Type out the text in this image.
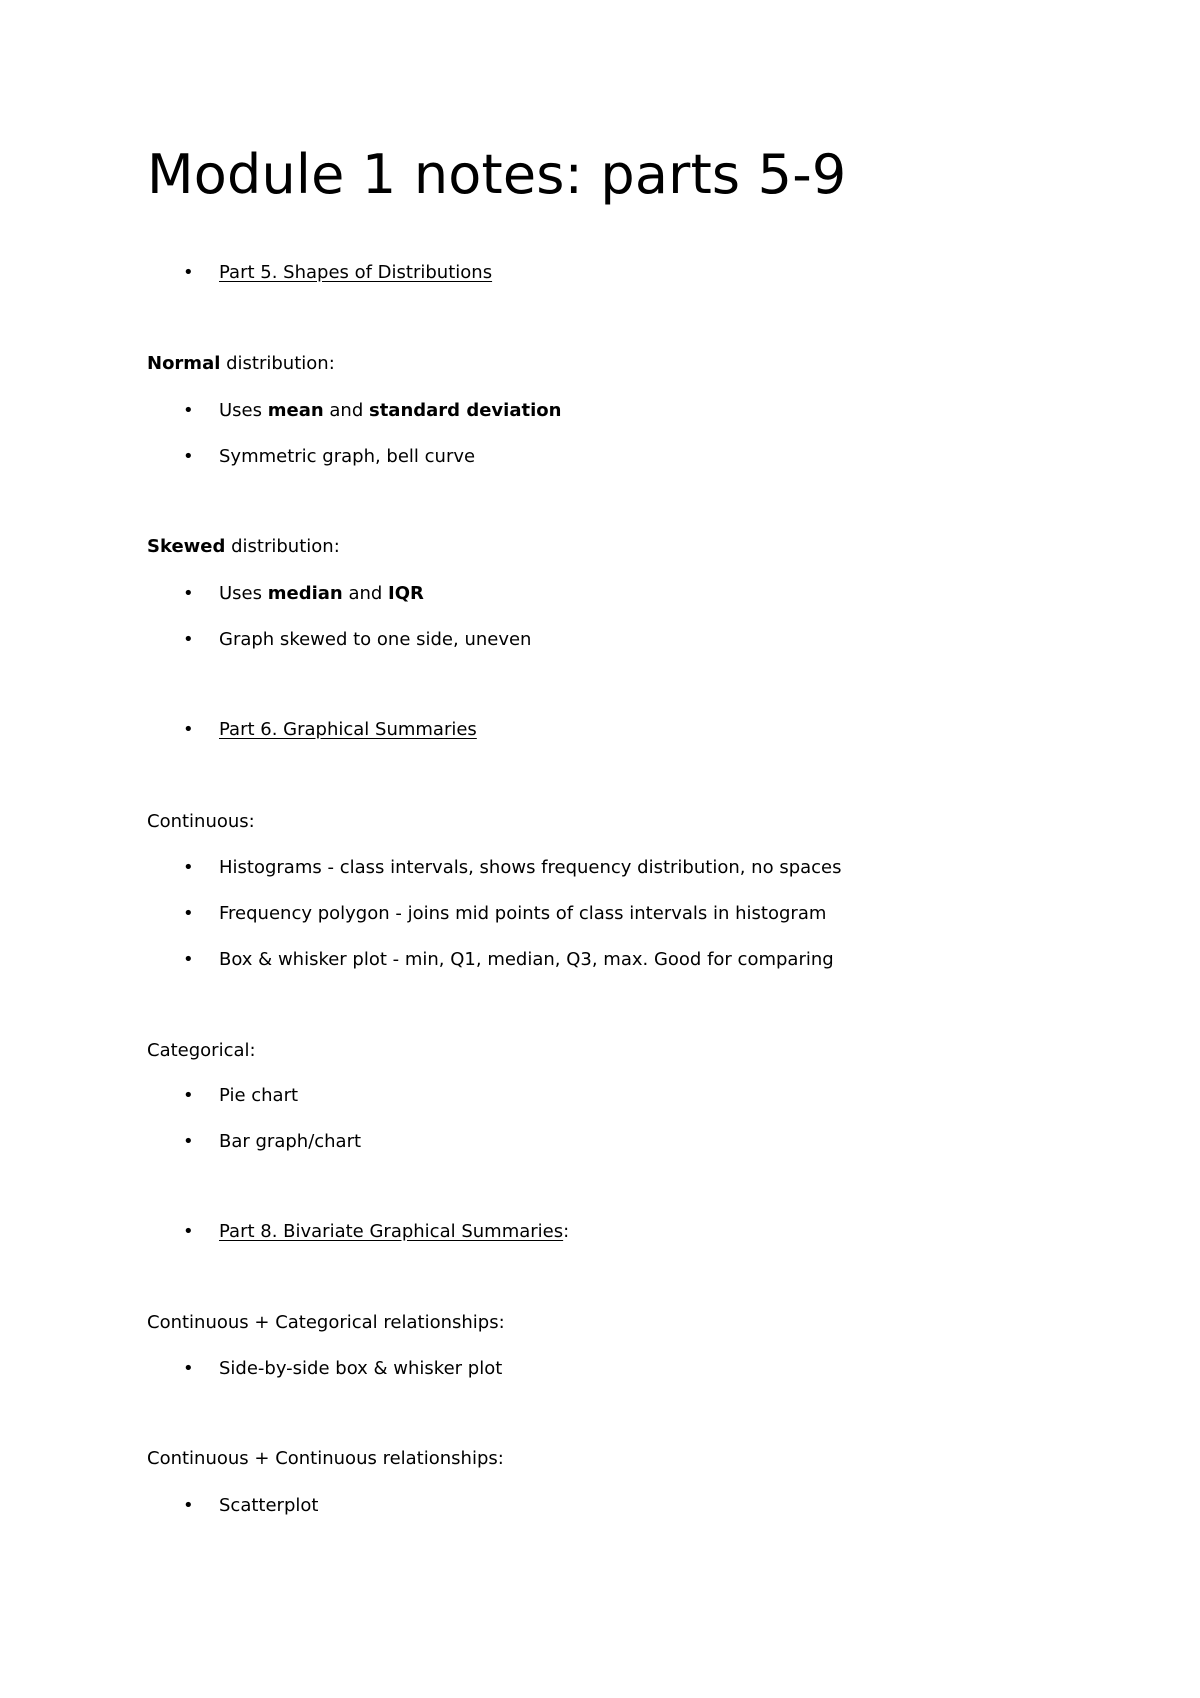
Module 1 notes: parts 5-9
•	Part 5. Shapes of Distributions
Normal distribution:
•	Uses mean and standard deviation
•	Symmetric graph, bell curve
Skewed distribution:
•	Uses median and IQR
•	Graph skewed to one side, uneven
•	Part 6. Graphical Summaries
Continuous:
•	Histograms - class intervals, shows frequency distribution, no spaces
•	Frequency polygon - joins mid points of class intervals in histogram
•	Box & whisker plot - min, Q1, median, Q3, max. Good for comparing
Categorical:
•	Pie chart
•	Bar graph/chart
•	Part 8. Bivariate Graphical Summaries:
Continuous + Categorical relationships:
•	Side-by-side box & whisker plot
Continuous + Continuous relationships:
•	Scatterplot
